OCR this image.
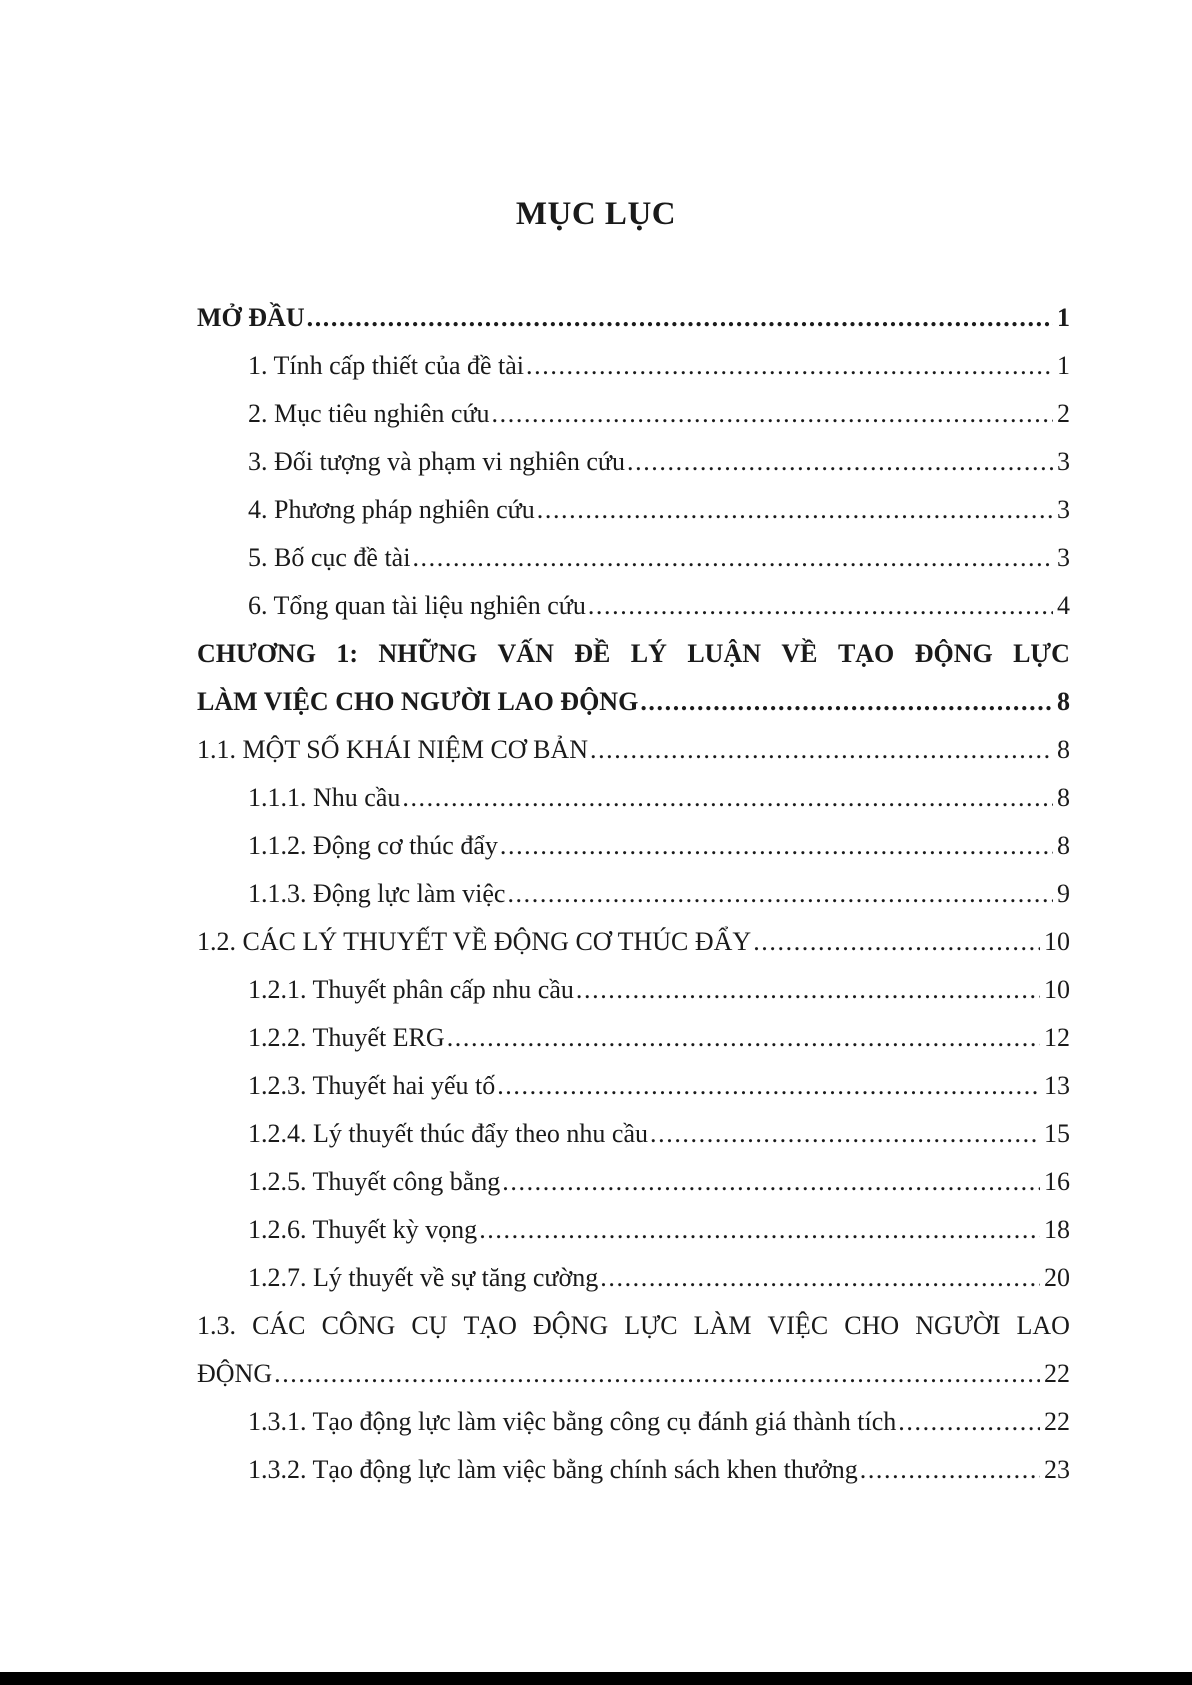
MỤC LỤC
MỞ ĐẦU .....	1
1. Tính cấp thiết của đề tài .....	1
2. Mục tiêu nghiên cứu .....	2
3. Đối tượng và phạm vi nghiên cứu .....	3
4. Phương pháp nghiên cứu .....	3
5. Bố cục đề tài .....	3
6. Tổng quan tài liệu nghiên cứu .....	4
CHƯƠNG 1: NHỮNG VẤN ĐỀ LÝ LUẬN VỀ TẠO ĐỘNG LỰC
LÀM VIỆC CHO NGƯỜI LAO ĐỘNG .....	8
1.1. MỘT SỐ KHÁI NIỆM CƠ BẢN .....	8
1.1.1. Nhu cầu .....	8
1.1.2. Động cơ thúc đẩy .....	8
1.1.3. Động lực làm việc .....	9
1.2. CÁC LÝ THUYẾT VỀ ĐỘNG CƠ THÚC ĐẨY .....	10
1.2.1. Thuyết phân cấp nhu cầu .....	10
1.2.2. Thuyết ERG .....	12
1.2.3. Thuyết hai yếu tố .....	13
1.2.4. Lý thuyết thúc đẩy theo nhu cầu .....	15
1.2.5. Thuyết công bằng .....	16
1.2.6. Thuyết kỳ vọng .....	18
1.2.7. Lý thuyết về sự tăng cường .....	20
1.3. CÁC CÔNG CỤ TẠO ĐỘNG LỰC LÀM VIỆC CHO NGƯỜI LAO
ĐỘNG .....	22
1.3.1. Tạo động lực làm việc bằng công cụ đánh giá thành tích .....	22
1.3.2. Tạo động lực làm việc bằng chính sách khen thưởng .....	23
